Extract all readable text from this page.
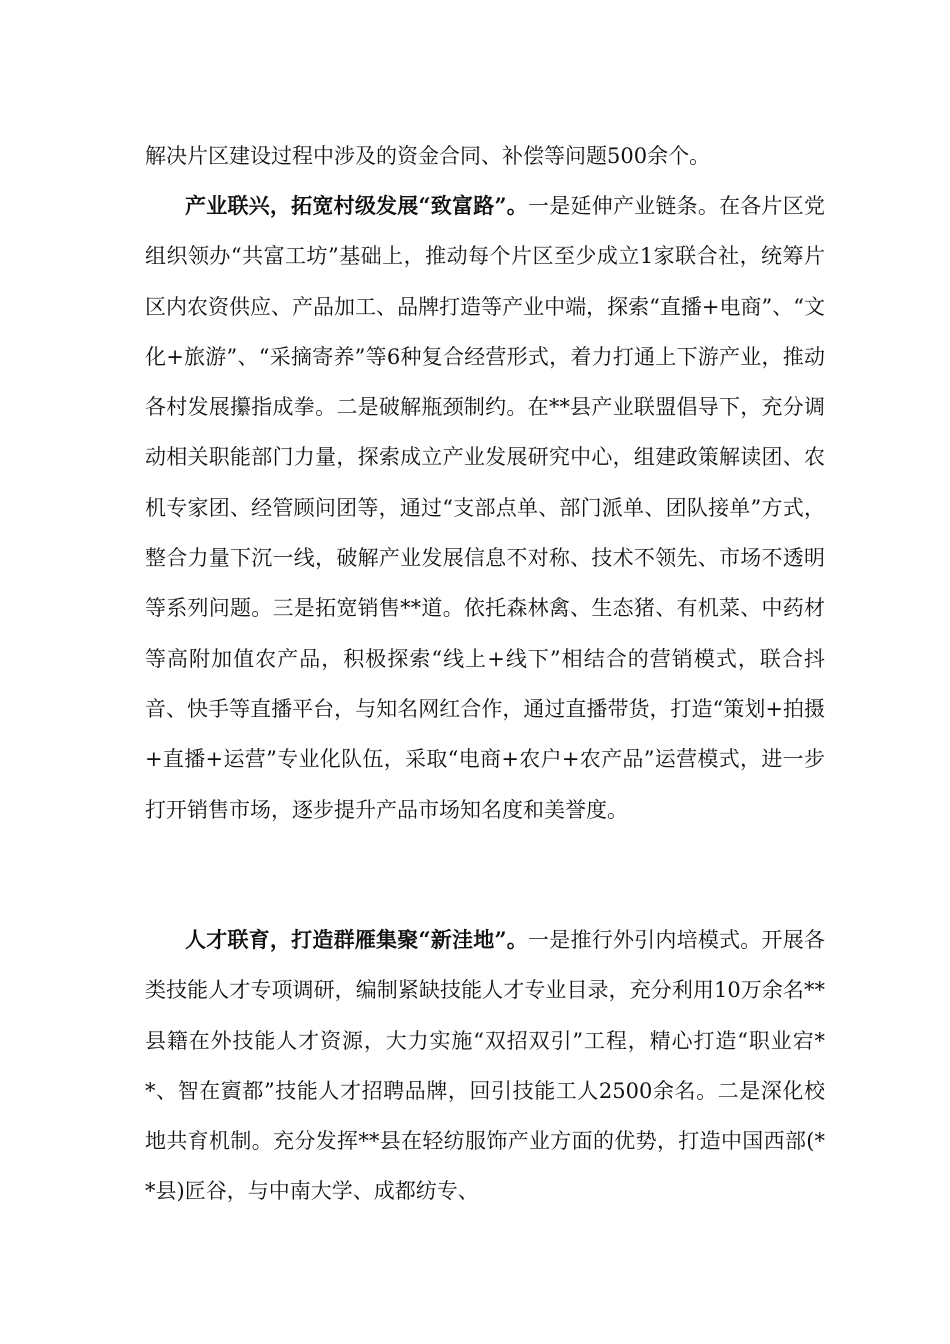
解决片区建设过程中涉及的资金合同、补偿等问题500余个。

产业联兴，拓宽村级发展“致富路”。一是延伸产业链条。在各片区党组织领办“共富工坊”基础上，推动每个片区至少成立1家联合社，统筹片区内农资供应、产品加工、品牌打造等产业中端，探索“直播+电商”、“文化+旅游”、“采摘寄养”等6种复合经营形式，着力打通上下游产业，推动各村发展攥指成拳。二是破解瓶颈制约。在**县产业联盟倡导下，充分调动相关职能部门力量，探索成立产业发展研究中心，组建政策解读团、农机专家团、经管顾问团等，通过“支部点单、部门派单、团队接单”方式，整合力量下沉一线，破解产业发展信息不对称、技术不领先、市场不透明等系列问题。三是拓宽销售**道。依托森林禽、生态猪、有机菜、中药材等高附加值农产品，积极探索“线上+线下”相结合的营销模式，联合抖音、快手等直播平台，与知名网红合作，通过直播带货，打造“策划+拍摄+直播+运营”专业化队伍，采取“电商+农户+农产品”运营模式，进一步打开销售市场，逐步提升产品市场知名度和美誉度。

人才联育，打造群雁集聚“新洼地”。一是推行外引内培模式。开展各类技能人才专项调研，编制紧缺技能人才专业目录，充分利用10万余名**县籍在外技能人才资源，大力实施“双招双引”工程，精心打造“职业宕**、智在賨都”技能人才招聘品牌，回引技能工人2500余名。二是深化校地共育机制。充分发挥**县在轻纺服饰产业方面的优势，打造中国西部(**县)匠谷，与中南大学、成都纺专、
